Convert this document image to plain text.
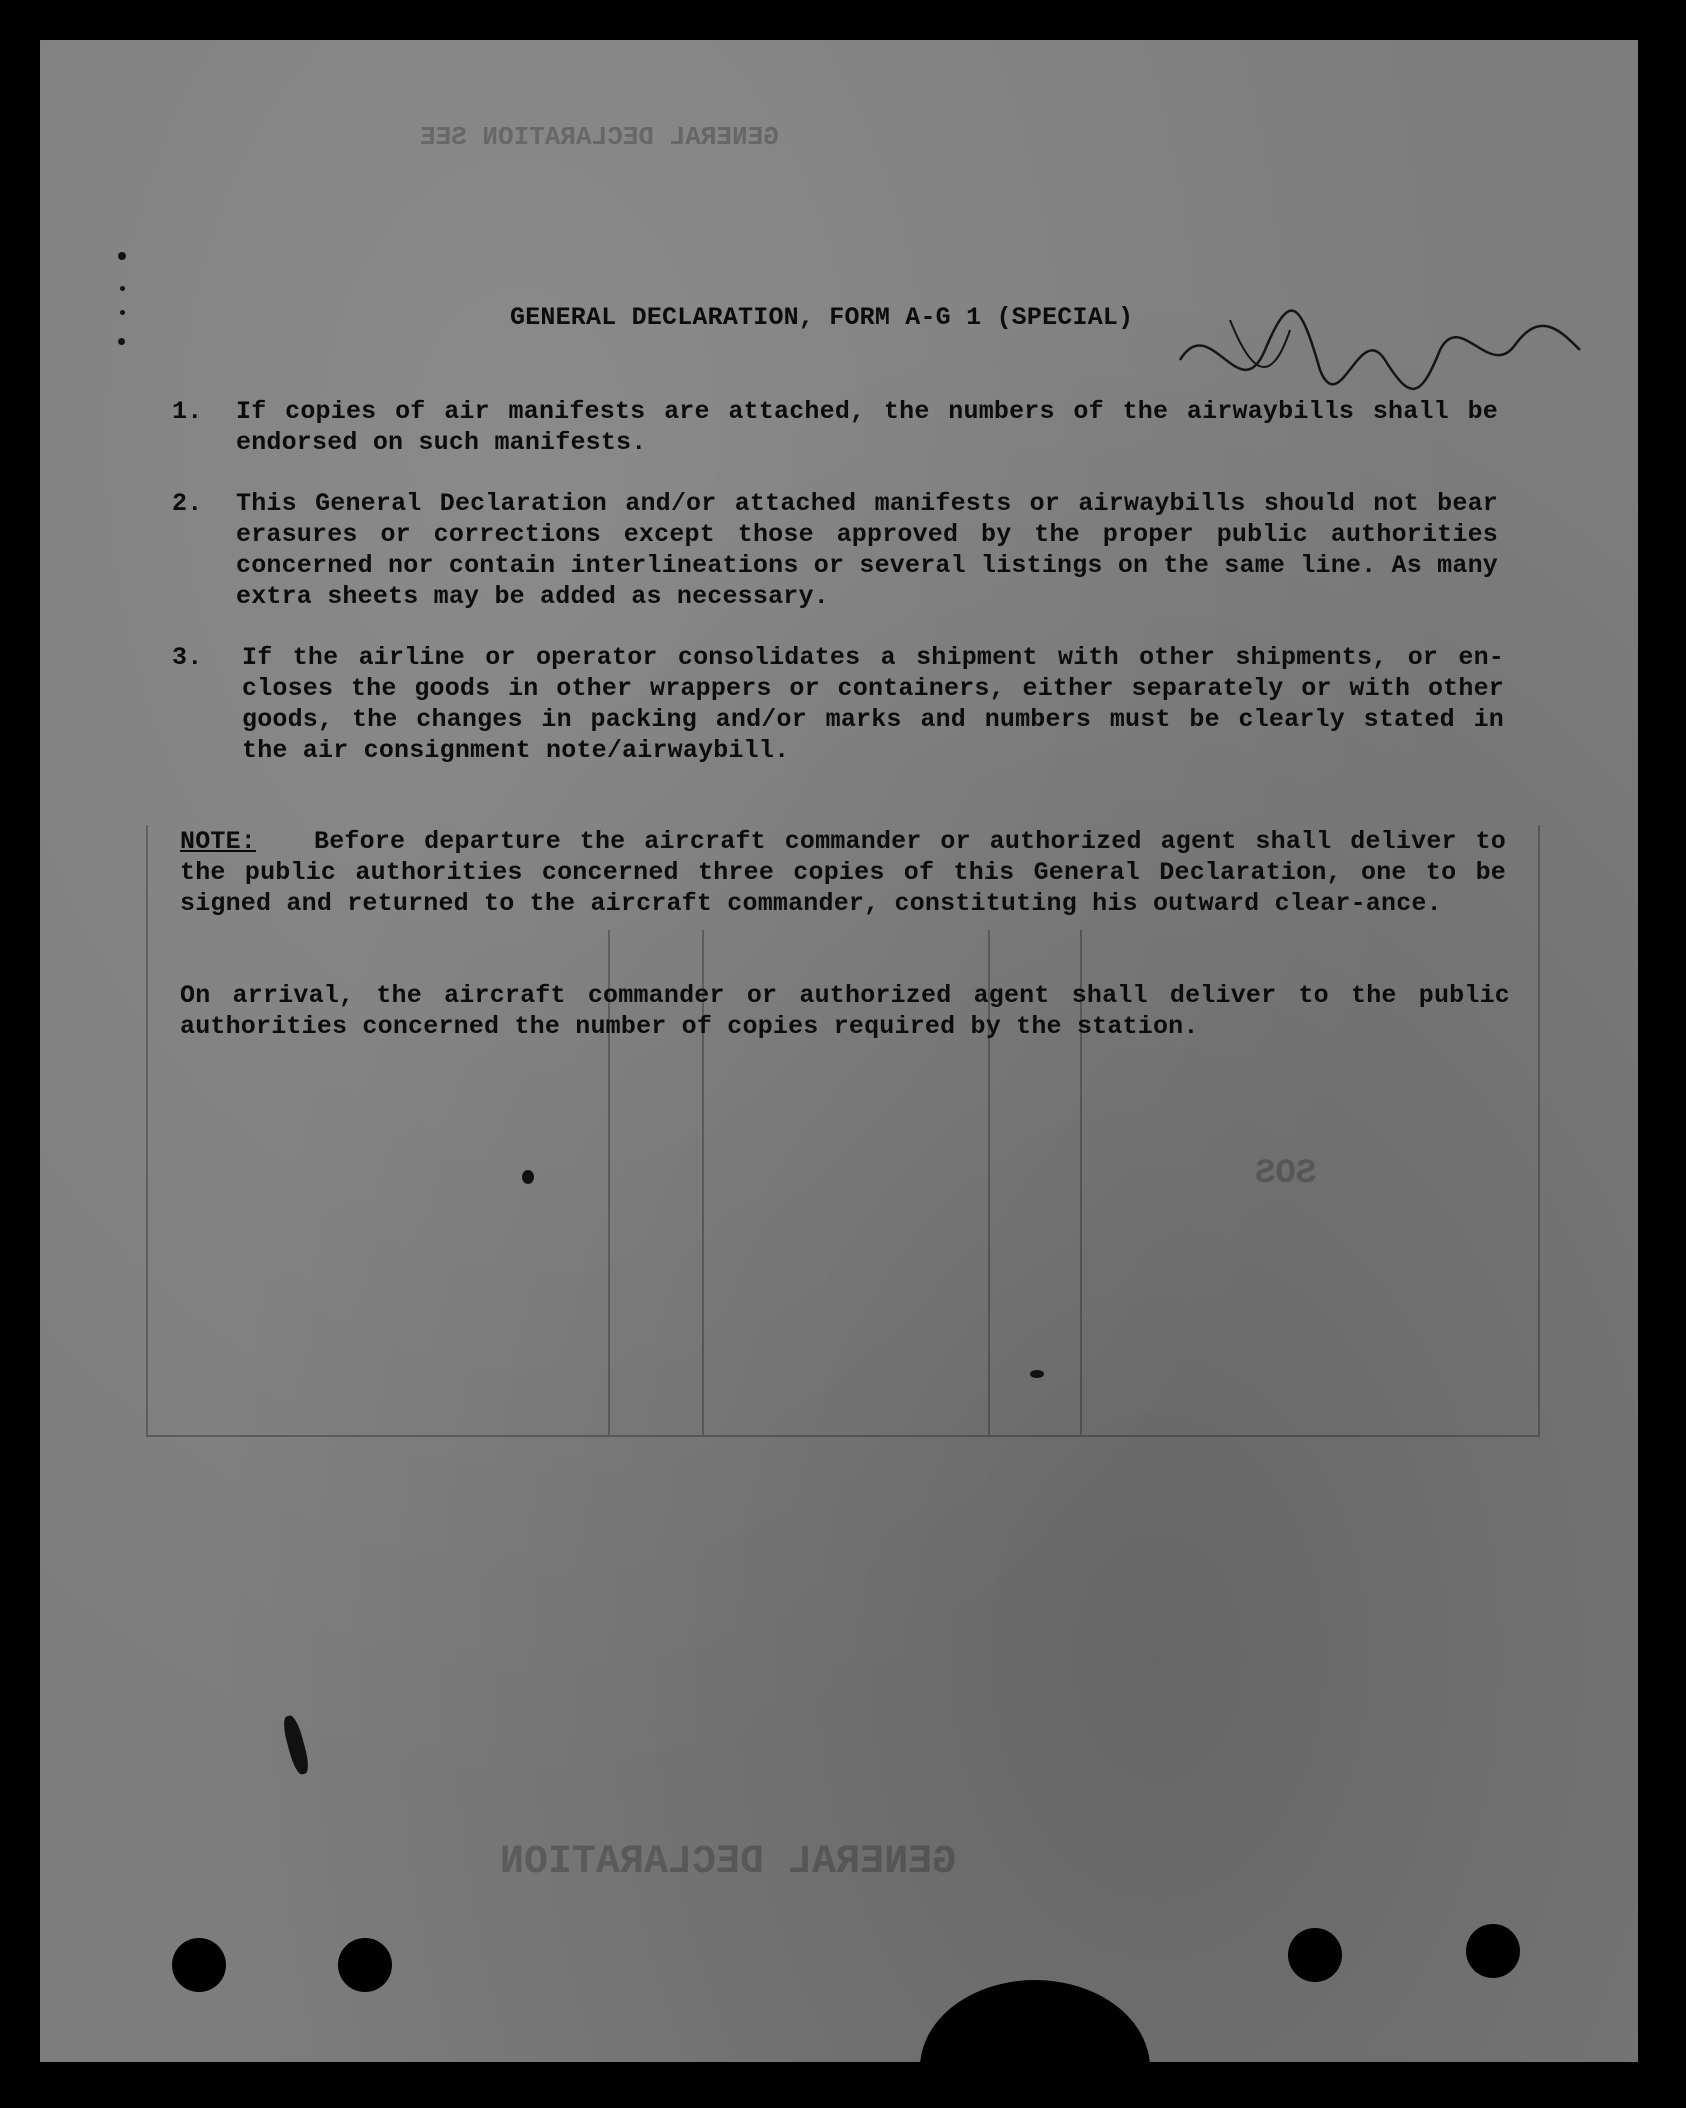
GENERAL DECLARATION SEE
SOS
GENERAL DECLARATION
GENERAL DECLARATION, FORM A-G 1 (SPECIAL)
1.	If copies of air manifests are attached, the numbers of the airwaybills shall be endorsed on such manifests.
2.	This General Declaration and/or attached manifests or airwaybills should not bear erasures or corrections except those approved by the proper public authorities concerned nor contain interlineations or several listings on the same line. As many extra sheets may be added as necessary.
3.	If the airline or operator consolidates a shipment with other shipments, or en-closes the goods in other wrappers or containers, either separately or with other goods, the changes in packing and/or marks and numbers must be clearly stated in the air consignment note/airwaybill.
NOTE: Before departure the aircraft commander or authorized agent shall deliver to the public authorities concerned three copies of this General Declaration, one to be signed and returned to the aircraft commander, constituting his outward clear-ance.
On arrival, the aircraft commander or authorized agent shall deliver to the public authorities concerned the number of copies required by the station.
